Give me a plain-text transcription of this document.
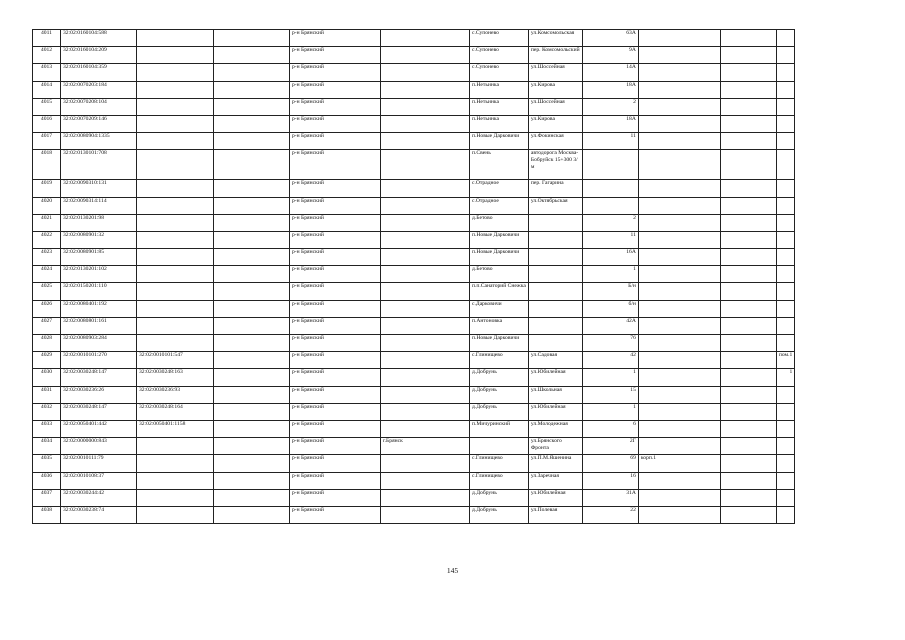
4011	32:02:0160104:588			р-н Брянский		с.Супонево	ул.Комсомольская	63А			
4012	32:02:0160104:209			р-н Брянский		с.Супонево	пер. Комсомольский	9А			
4013	32:02:0160104:359			р-н Брянский		с.Супонево	ул.Шоссейная	14А			
4014	32:02:0070203:184			р-н Брянский		п.Нетьинка	ул.Кирова	18А			
4015	32:02:0070208:104			р-н Брянский		п.Нетьинка	ул.Шоссейная	2			
4016	32:02:0070209:146			р-н Брянский		п.Нетьинка	ул.Кирова	18А			
4017	32:02:0080904:1335			р-н Брянский		п.Новые Дарковичи	ул.Фокинская	11			
4018	32:02:0130101:708			р-н Брянский		п.Свень	автодорога Москва-Бобруйск 15+300 3/м				
4019	32:02:0090310:131			р-н Брянский		с.Отрадное	пер. Гагарина				
4020	32:02:0090314:114			р-н Брянский		с.Отрадное	ул.Октябрьская				
4021	32:02:0130201:98			р-н Брянский		д.Бетово		2			
4022	32:02:0080901:32			р-н Брянский		п.Новые Дарковичи		11			
4023	32:02:0080901:85			р-н Брянский		п.Новые Дарковичи		16А			
4024	32:02:0130201:102			р-н Брянский		д.Бетово		1			
4025	32:02:0150201:110			р-н Брянский		п.п.Санаторий Снежка		Б/н			
4026	32:02:0080401:192			р-н Брянский		с.Дарковичи		б/н			
4027	32:02:0080801:161			р-н Брянский		п.Антоновка		42А			
4028	32:02:0080903:284			р-н Брянский		п.Новые Дарковичи		76			
4029	32:02:0010101:270	32:02:0010101:547		р-н Брянский		с.Глинищево	ул.Садовая	42			пом.1
4030	32:02:0030248:147	32:02:0030248:163		р-н Брянский		д.Добрунь	ул.Юбилейная	1			1
4031	32:02:0030236:26	32:02:0030236:93		р-н Брянский		д.Добрунь	ул.Школьная	15			
4032	32:02:0030248:147	32:02:0030248:164		р-н Брянский		д.Добрунь	ул.Юбилейная	1			
4033	32:02:0050401:442	32:02:0050401:1158		р-н Брянский		п.Мичуринский	ул.Молодежная	6			
4034	32:02:0000000:843			р-н Брянский	г.Брянск		ул.Брянского Фронта	2Г			
4035	32:02:0010111:79			р-н Брянский		с.Глинищево	ул.П.М.Яшенина	69	корп.1		
4036	32:02:0010108:37			р-н Брянский		с.Глинищево	ул.Заречная	16			
4037	32:02:0030244:42			р-н Брянский		д.Добрунь	ул.Юбилейная	31А			
4038	32:02:0030238:74			р-н Брянский		д.Добрунь	ул.Полевая	22			
145
